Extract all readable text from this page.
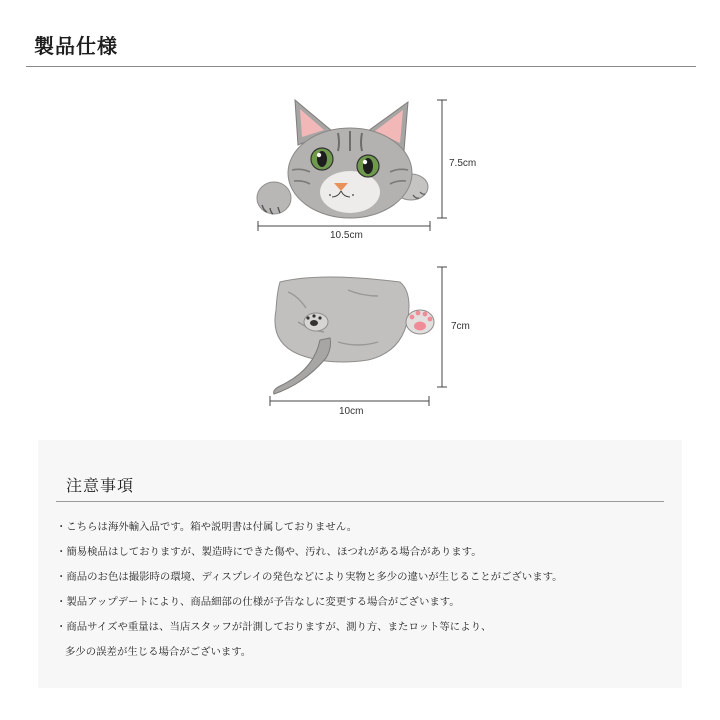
製品仕様
10.5cm
7.5cm
10cm
7cm
注意事項
・こちらは海外輸入品です。箱や説明書は付属しておりません。
・簡易検品はしておりますが、製造時にできた傷や、汚れ、ほつれがある場合があります。
・商品のお色は撮影時の環境、ディスプレイの発色などにより実物と多少の違いが生じることがございます。
・製品アップデートにより、商品細部の仕様が予告なしに変更する場合がございます。
・商品サイズや重量は、当店スタッフが計測しておりますが、測り方、またロット等により、
多少の誤差が生じる場合がございます。
